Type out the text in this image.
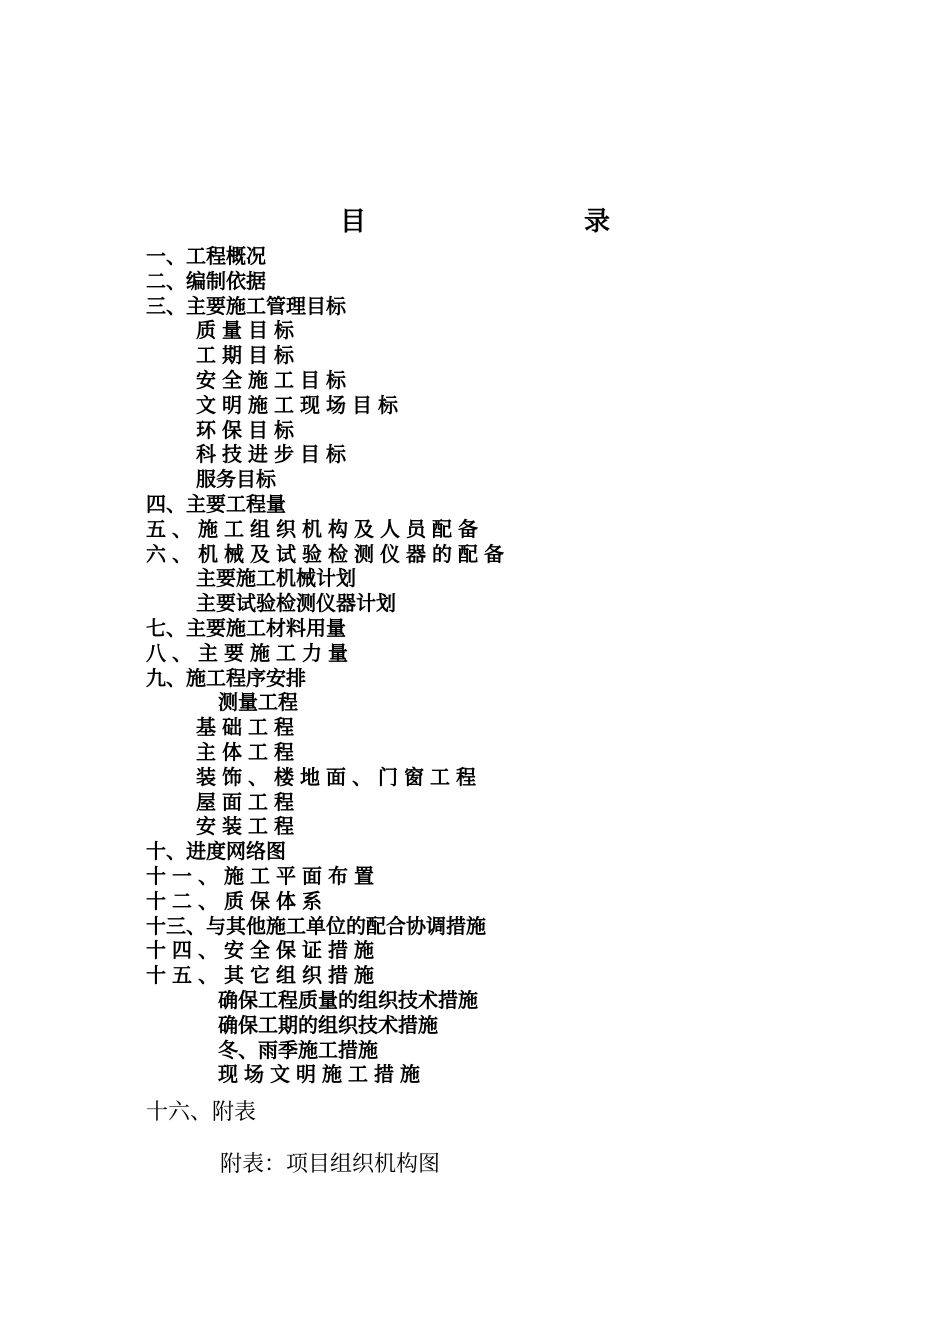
目	录
一、工程概况
二、编制依据
三、主要施工管理目标
质量目标
工期目标
安全施工目标
文明施工现场目标
环保目标
科技进步目标
服务目标
四、主要工程量
五、施工组织机构及人员配备
六、机械及试验检测仪器的配备
主要施工机械计划
主要试验检测仪器计划
七、主要施工材料用量
八、主要施工力量
九、施工程序安排
测量工程
基础工程
主体工程
装饰、楼地面、门窗工程
屋面工程
安装工程
十、进度网络图
十一、施工平面布置
十二、质保体系
十三、与其他施工单位的配合协调措施
十四、安全保证措施
十五、其它组织措施
确保工程质量的组织技术措施
确保工期的组织技术措施
冬、雨季施工措施
现场文明施工措施
十六、附表
附表：项目组织机构图
